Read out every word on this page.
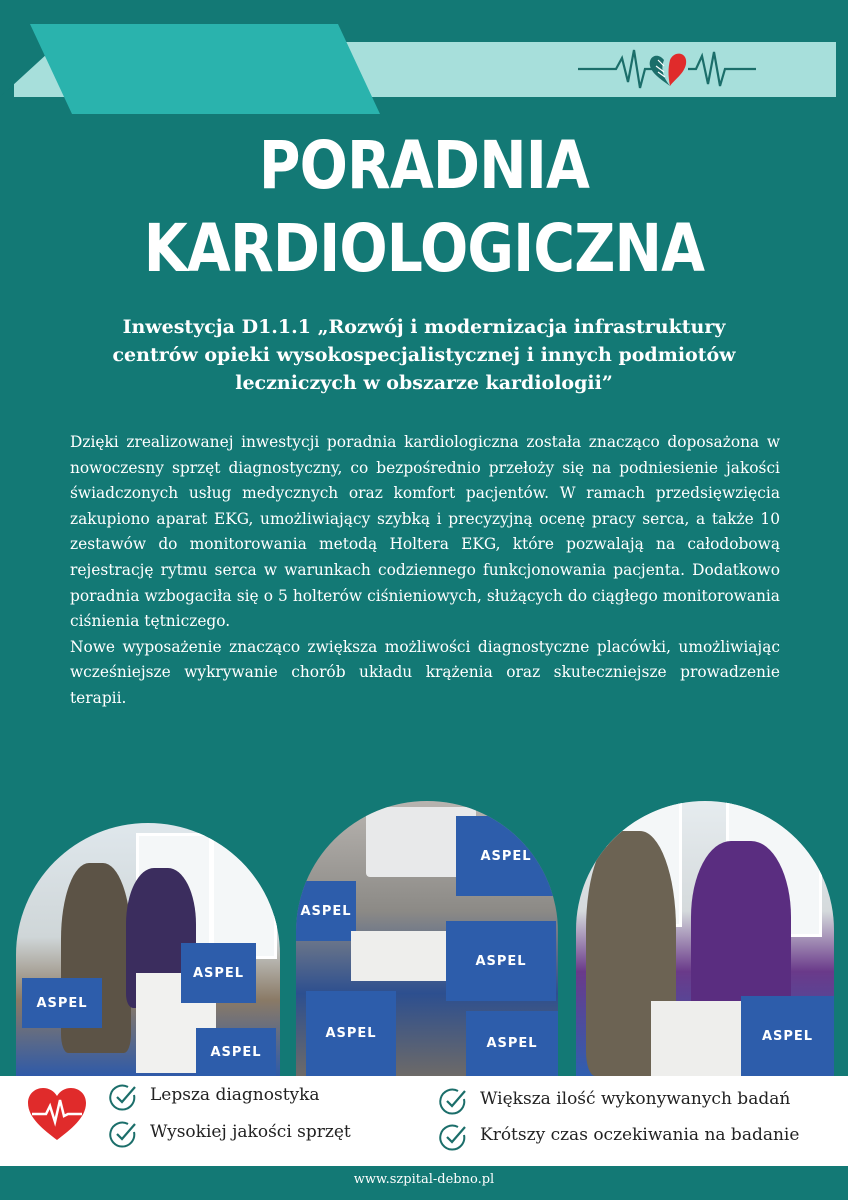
PORADNIA
KARDIOLOGICZNA
Inwestycja D1.1.1 „Rozwój i modernizacja infrastruktury
centrów opieki wysokospecjalistycznej i innych podmiotów
leczniczych w obszarze kardiologii”

Dzięki zrealizowanej inwestycji poradnia kardiologiczna została znacząco doposażona w nowoczesny sprzęt diagnostyczny, co bezpośrednio przełoży się na podniesienie jakości świadczonych usług medycznych oraz komfort pacjentów. W ramach przedsięwzięcia zakupiono aparat EKG, umożliwiający szybką i precyzyjną ocenę pracy serca, a także 10 zestawów do monitorowania metodą Holtera EKG, które pozwalają na całodobową rejestrację rytmu serca w warunkach codziennego funkcjonowania pacjenta. Dodatkowo poradnia wzbogaciła się o 5 holterów ciśnieniowych, służących do ciągłego monitorowania ciśnienia tętniczego.

Nowe wyposażenie znacząco zwiększa możliwości diagnostyczne placówki, umożliwiając wcześniejsze wykrywanie chorób układu krążenia oraz skuteczniejsze prowadzenie terapii.

ASPEL
ASPEL
ASPEL
ASPEL
ASPEL
ASPEL
ASPEL
ASPEL	ASPEL
Lepsza diagnostyka
Wysokiej jakości sprzęt
Większa ilość wykonywanych badań
Krótszy czas oczekiwania na badanie
www.szpital-debno.pl
